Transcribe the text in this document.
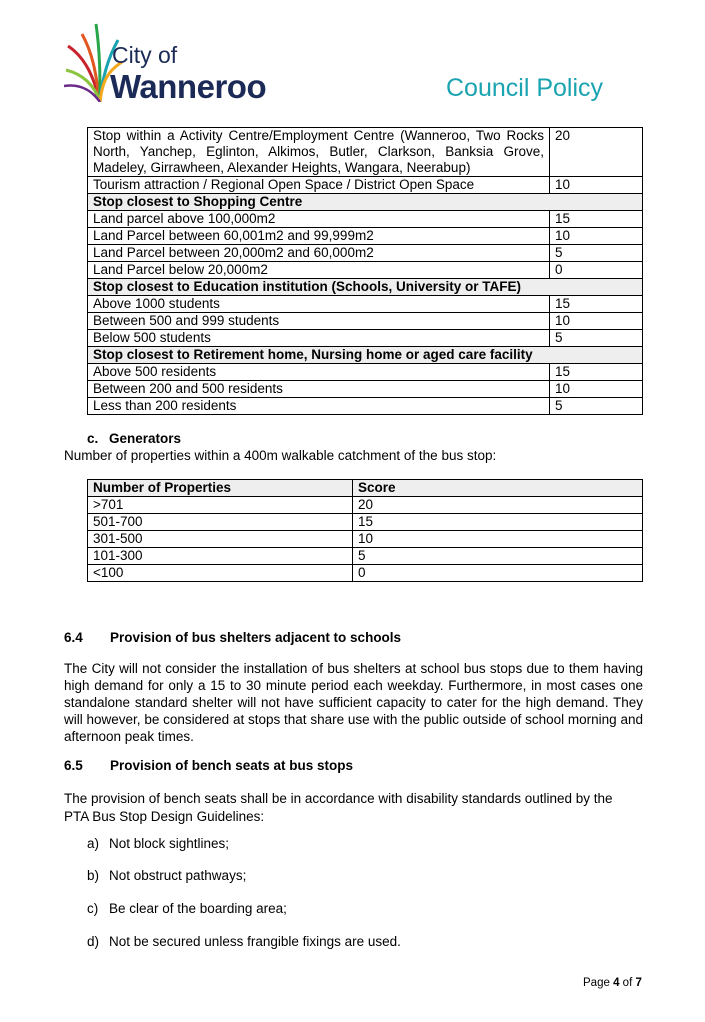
City of
Wanneroo	Council Policy
Stop within a Activity Centre/Employment Centre (Wanneroo, Two Rocks North, Yanchep, Eglinton, Alkimos, Butler, Clarkson, Banksia Grove, Madeley, Girrawheen, Alexander Heights, Wangara, Neerabup)	20
Tourism attraction / Regional Open Space / District Open Space	10
Stop closest to Shopping Centre	
Land parcel above 100,000m2	15
Land Parcel between 60,001m2 and 99,999m2	10
Land Parcel between 20,000m2 and 60,000m2	5
Land Parcel below 20,000m2	0
Stop closest to Education institution (Schools, University or TAFE)	
Above 1000 students	15
Between 500 and 999 students	10
Below 500 students	5
Stop closest to Retirement home, Nursing home or aged care facility	
Above 500 residents	15
Between 200 and 500 residents	10
Less than 200 residents	5
c. Generators
Number of properties within a 400m walkable catchment of the bus stop:
Number of Properties	Score
>701	20
501-700	15
301-500	10
101-300	5
<100	0
6.4 Provision of bus shelters adjacent to schools
The City will not consider the installation of bus shelters at school bus stops due to them having high demand for only a 15 to 30 minute period each weekday. Furthermore, in most cases one standalone standard shelter will not have sufficient capacity to cater for the high demand. They will however, be considered at stops that share use with the public outside of school morning and afternoon peak times.
6.5 Provision of bench seats at bus stops
The provision of bench seats shall be in accordance with disability standards outlined by the
PTA Bus Stop Design Guidelines:
a) Not block sightlines;
b) Not obstruct pathways;
c) Be clear of the boarding area;
d) Not be secured unless frangible fixings are used.
Page 4 of 7
